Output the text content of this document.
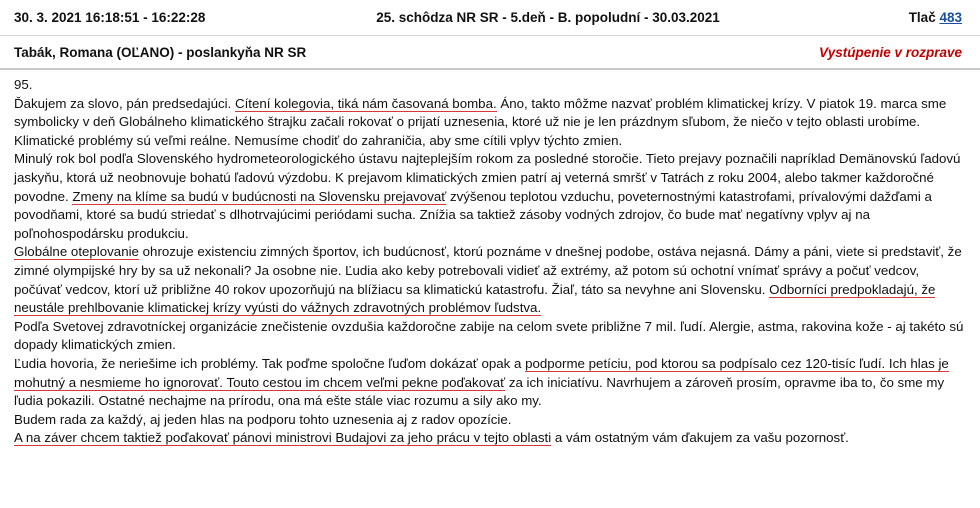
30. 3. 2021 16:18:51 - 16:22:28	25. schôdza NR SR - 5.deň - B. popoludní - 30.03.2021	Tlač 483
Tabák, Romana (OĽANO) - poslankyňa NR SR	Vystúpenie v rozprave

95.

Ďakujem za slovo, pán predsedajúci. Cítení kolegovia, tiká nám časovaná bomba. Áno, takto môžme nazvať problém klimatickej krízy. V piatok 19. marca sme symbolicky v deň Globálneho klimatického štrajku začali rokovať o prijatí uznesenia, ktoré už nie je len prázdnym sľubom, že niečo v tejto oblasti urobíme. Klimatické problémy sú veľmi reálne. Nemusíme chodiť do zahraničia, aby sme cítili vplyv týchto zmien.

Minulý rok bol podľa Slovenského hydrometeorologického ústavu najteplejším rokom za posledné storočie. Tieto prejavy poznačili napríklad Demänovskú ľadovú jaskyňu, ktorá už neobnovuje bohatú ľadovú výzdobu. K prejavom klimatických zmien patrí aj veterná smršť v Tatrách z roku 2004, alebo takmer každoročné povodne. Zmeny na klíme sa budú v budúcnosti na Slovensku prejavovať zvýšenou teplotou vzduchu, poveternostnými katastrofami, prívalovými dažďami a povodňami, ktoré sa budú striedať s dlhotrvajúcimi periódami sucha. Znížia sa taktiež zásoby vodných zdrojov, čo bude mať negatívny vplyv aj na poľnohospodársku produkciu.

Globálne oteplovanie ohrozuje existenciu zimných športov, ich budúcnosť, ktorú poznáme v dnešnej podobe, ostáva nejasná. Dámy a páni, viete si predstaviť, že zimné olympijské hry by sa už nekonali? Ja osobne nie. Ľudia ako keby potrebovali vidieť až extrémy, až potom sú ochotní vnímať správy a počuť vedcov, počúvať vedcov, ktorí už približne 40 rokov upozorňujú na blížiacu sa klimatickú katastrofu. Žiaľ, táto sa nevyhne ani Slovensku. Odborníci predpokladajú, že neustále prehlbovanie klimatickej krízy vyústi do vážnych zdravotných problémov ľudstva.

Podľa Svetovej zdravotníckej organizácie znečistenie ovzdušia každoročne zabije na celom svete približne 7 mil. ľudí. Alergie, astma, rakovina kože - aj takéto sú dopady klimatických zmien.

Ľudia hovoria, že neriešime ich problémy. Tak poďme spoločne ľuďom dokázať opak a podporme petíciu, pod ktorou sa podpísalo cez 120-tisíc ľudí. Ich hlas je mohutný a nesmieme ho ignorovať. Touto cestou im chcem veľmi pekne poďakovať za ich iniciatívu. Navrhujem a zároveň prosím, opravme iba to, čo sme my ľudia pokazili. Ostatné nechajme na prírodu, ona má ešte stále viac rozumu a sily ako my.

Budem rada za každý, aj jeden hlas na podporu tohto uznesenia aj z radov opozície.

A na záver chcem taktiež poďakovať pánovi ministrovi Budajovi za jeho prácu v tejto oblasti a vám ostatným vám ďakujem za vašu pozornosť.
